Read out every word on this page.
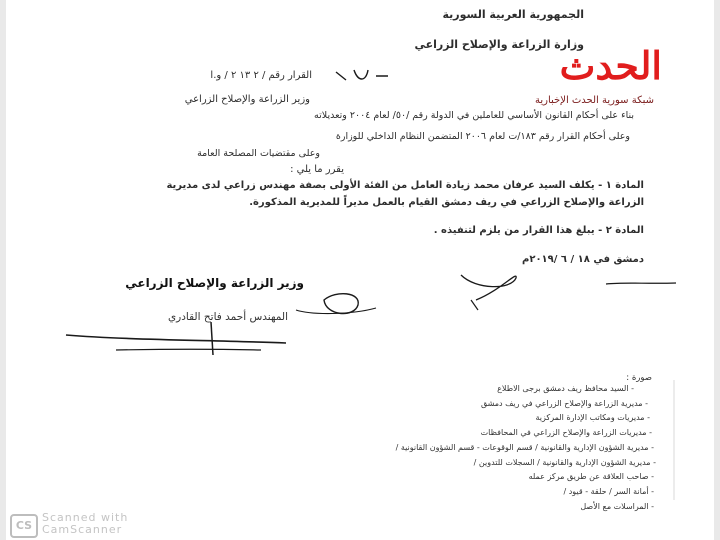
الجمهورية العربية السورية
وزارة الزراعة والإصلاح الزراعي
الحدث
شبكة سورية الحدث الإخبارية
القرار رقم / ٢ ١٣ ٢ / و.ا
وزير الزراعة والإصلاح الزراعي
بناء على أحكام القانون الأساسي للعاملين في الدولة رقم /٥٠/ لعام ٢٠٠٤ وتعديلاته
وعلى أحكام القرار رقم ١٨٣/ت لعام ٢٠٠٦ المتضمن النظام الداخلي للوزارة
وعلى مقتضيات المصلحة العامة
يقرر ما يلي :
المادة ١ - يكلف السيد عرفان محمد زيادة العامل من الفئة الأولى بصفة مهندس زراعي لدى مديرية
الزراعة والإصلاح الزراعي في ريف دمشق القيام بالعمل مديراً للمديرية المذكورة.
المادة ٢ - يبلغ هذا القرار من يلزم لتنفيذه .
دمشق في ١٨ / ٦ /٢٠١٩م
وزير الزراعة والإصلاح الزراعي
المهندس أحمد فاتح القادري
صورة :
- السيد محافظ ريف دمشق برجى الاطلاع
- مديرية الزراعة والإصلاح الزراعي في ريف دمشق
- مديريات ومكاتب الإدارة المركزية
- مديريات الزراعة والإصلاح الزراعي في المحافظات
- مديرية الشؤون الإدارية والقانونية / قسم الوقوعات - قسم الشؤون القانونية /
- مديرية الشؤون الإدارية والقانونية / السجلات للتدوين /
- صاحب العلاقة عن طريق مركز عمله
- أمانة السر / حلقة - قيود /
- المراسلات مع الأصل
CS
Scanned with
CamScanner
